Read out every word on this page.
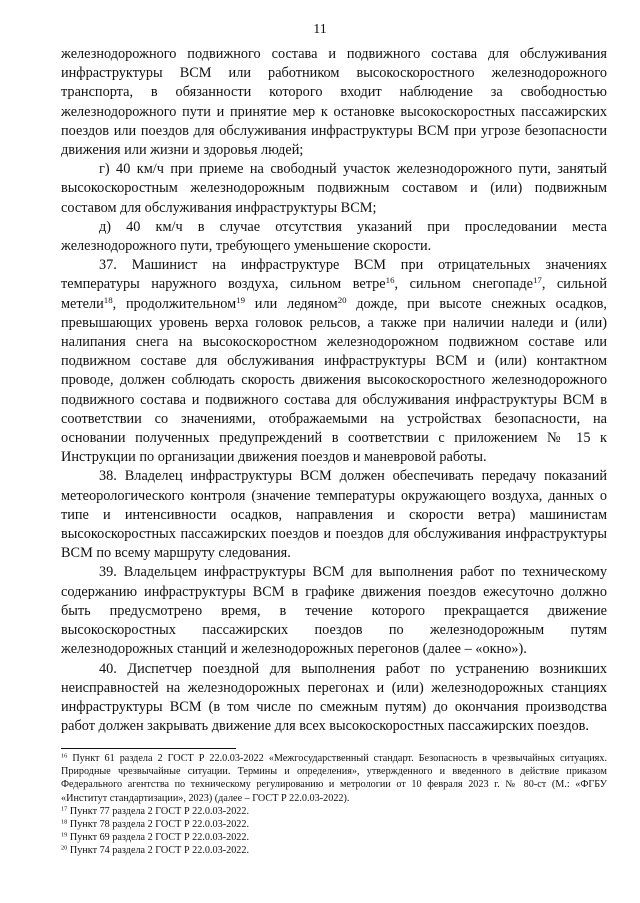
11

железнодорожного подвижного состава и подвижного состава для обслуживания инфраструктуры ВСМ или работником высокоскоростного железнодорожного транспорта, в обязанности которого входит наблюдение за свободностью железнодорожного пути и принятие мер к остановке высокоскоростных пассажирских поездов или поездов для обслуживания инфраструктуры ВСМ при угрозе безопасности движения или жизни и здоровья людей;

г) 40 км/ч при приеме на свободный участок железнодорожного пути, занятый высокоскоростным железнодорожным подвижным составом и (или) подвижным составом для обслуживания инфраструктуры ВСМ;

д) 40 км/ч в случае отсутствия указаний при проследовании места железнодорожного пути, требующего уменьшение скорости.

37. Машинист на инфраструктуре ВСМ при отрицательных значениях температуры наружного воздуха, сильном ветре$^{16}$, сильном снегопаде$^{17}$, сильной метели$^{18}$, продолжительном$^{19}$ или ледяном$^{20}$ дожде, при высоте снежных осадков, превышающих уровень верха головок рельсов, а также при наличии наледи и (или) налипания снега на высокоскоростном железнодорожном подвижном составе или подвижном составе для обслуживания инфраструктуры ВСМ и (или) контактном проводе, должен соблюдать скорость движения высокоскоростного железнодорожного подвижного состава и подвижного состава для обслуживания инфраструктуры ВСМ в соответствии со значениями, отображаемыми на устройствах безопасности, на основании полученных предупреждений в соответствии с приложением № 15 к Инструкции по организации движения поездов и маневровой работы.

38. Владелец инфраструктуры ВСМ должен обеспечивать передачу показаний метеорологического контроля (значение температуры окружающего воздуха, данных о типе и интенсивности осадков, направления и скорости ветра) машинистам высокоскоростных пассажирских поездов и поездов для обслуживания инфраструктуры ВСМ по всему маршруту следования.

39. Владельцем инфраструктуры ВСМ для выполнения работ по техническому содержанию инфраструктуры ВСМ в графике движения поездов ежесуточно должно быть предусмотрено время, в течение которого прекращается движение высокоскоростных пассажирских поездов по железнодорожным путям железнодорожных станций и железнодорожных перегонов (далее – «окно»).

40. Диспетчер поездной для выполнения работ по устранению возникших неисправностей на железнодорожных перегонах и (или) железнодорожных станциях инфраструктуры ВСМ (в том числе по смежным путям) до окончания производства работ должен закрывать движение для всех высокоскоростных пассажирских поездов.

$^{16}$ Пункт 61 раздела 2 ГОСТ Р 22.0.03-2022 «Межгосударственный стандарт. Безопасность в чрезвычайных ситуациях. Природные чрезвычайные ситуации. Термины и определения», утвержденного и введенного в действие приказом Федерального агентства по техническому регулированию и метрологии от 10 февраля 2023 г. № 80-ст (М.: «ФГБУ «Институт стандартизации», 2023) (далее – ГОСТ Р 22.0.03-2022).

$^{17}$ Пункт 77 раздела 2 ГОСТ Р 22.0.03-2022.

$^{18}$ Пункт 78 раздела 2 ГОСТ Р 22.0.03-2022.

$^{19}$ Пункт 69 раздела 2 ГОСТ Р 22.0.03-2022.

$^{20}$ Пункт 74 раздела 2 ГОСТ Р 22.0.03-2022.
